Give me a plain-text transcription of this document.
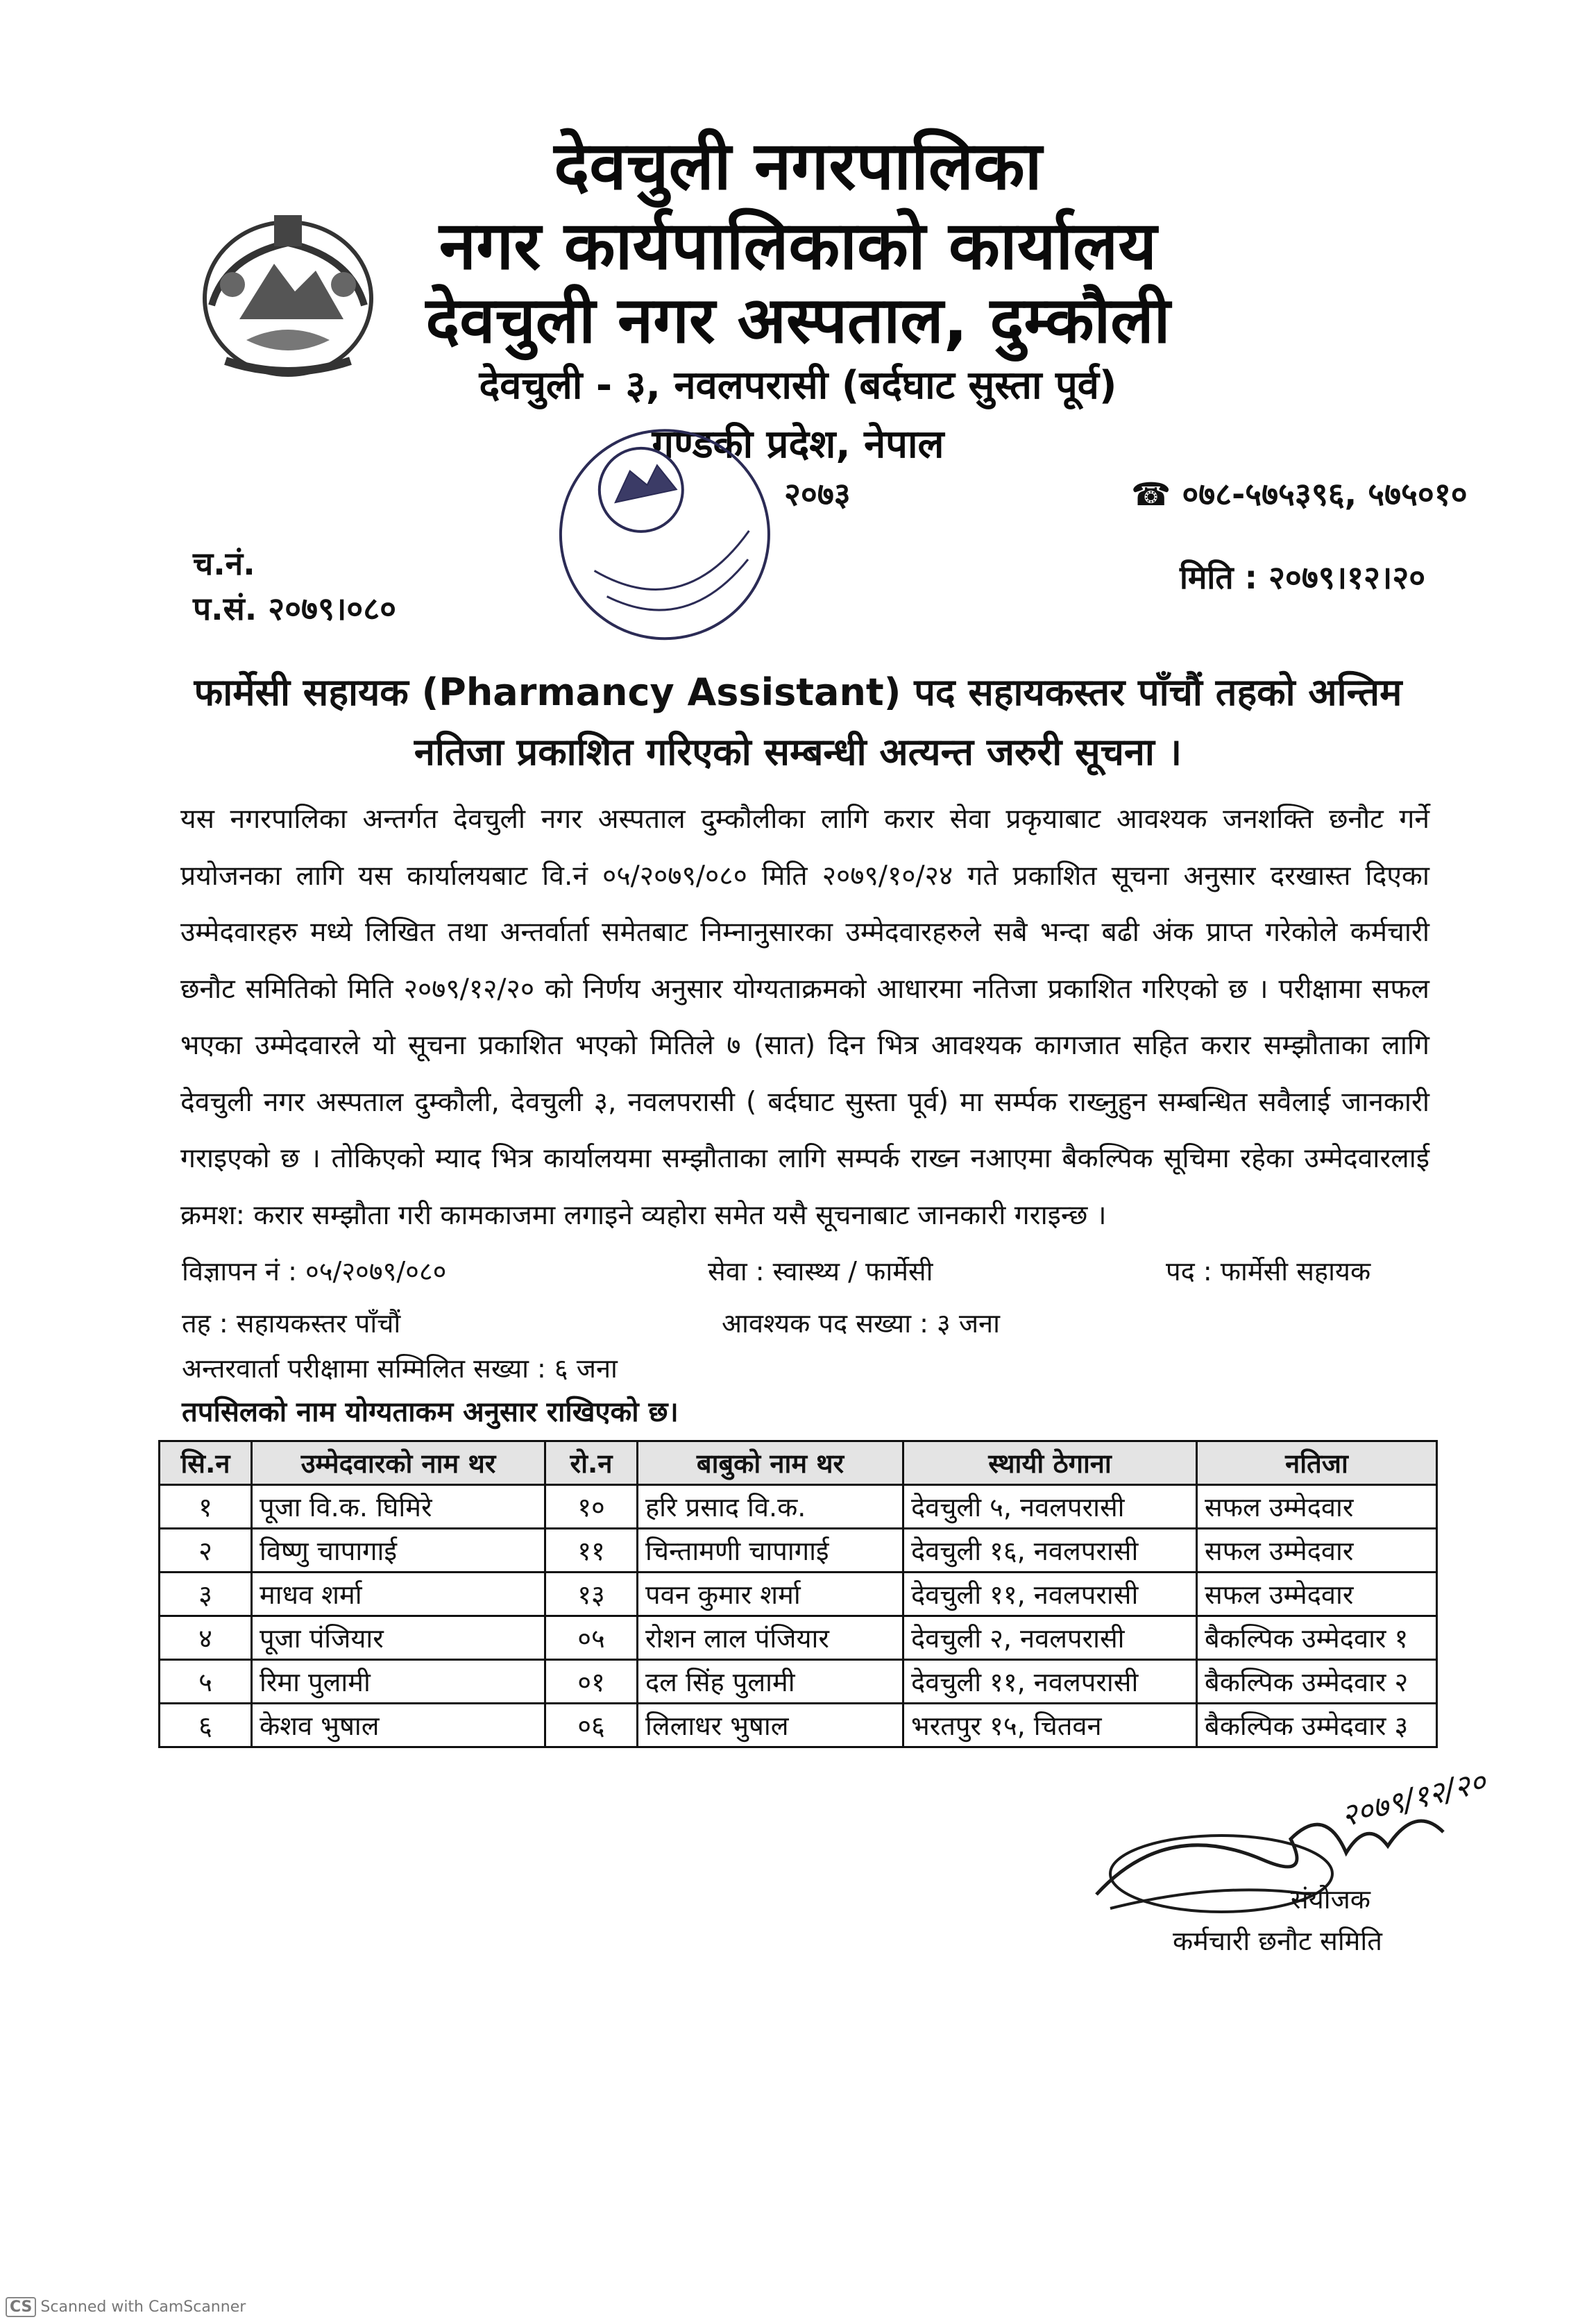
देवचुली नगरपालिका
नगर कार्यपालिकाको कार्यालय
देवचुली नगर अस्पताल, दुम्कौली
देवचुली - ३, नवलपरासी (बर्दघाट सुस्ता पूर्व)
गण्डकी प्रदेश, नेपाल
२०७३	☎ ०७८-५७५३९६, ५७५०१०
च.नं.
प.सं. २०७९।०८०
मिति : २०७९।१२।२०
फार्मेसी सहायक (Pharmancy Assistant) पद सहायकस्तर पाँचौं तहको अन्तिम
नतिजा प्रकाशित गरिएको सम्बन्धी अत्यन्त जरुरी सूचना ।
यस नगरपालिका अन्तर्गत देवचुली नगर अस्पताल दुम्कौलीका लागि करार सेवा प्रकृयाबाट आवश्यक जनशक्ति छनौट गर्ने प्रयोजनका लागि यस कार्यालयबाट वि.नं ०५/२०७९/०८० मिति २०७९/१०/२४ गते प्रकाशित सूचना अनुसार दरखास्त दिएका उम्मेदवारहरु मध्ये लिखित तथा अन्तर्वार्ता समेतबाट निम्नानुसारका उम्मेदवारहरुले सबै भन्दा बढी अंक प्राप्त गरेकोले कर्मचारी छनौट समितिको मिति २०७९/१२/२० को निर्णय अनुसार योग्यताक्रमको आधारमा नतिजा प्रकाशित गरिएको छ । परीक्षामा सफल भएका उम्मेदवारले यो सूचना प्रकाशित भएको मितिले ७ (सात) दिन भित्र आवश्यक कागजात सहित करार सम्झौताका लागि देवचुली नगर अस्पताल दुम्कौली, देवचुली ३, नवलपरासी ( बर्दघाट सुस्ता पूर्व) मा सर्म्पक राख्नुहुन सम्बन्धित सवैलाई जानकारी गराइएको छ । तोकिएको म्याद भित्र कार्यालयमा सम्झौताका लागि सम्पर्क राख्न नआएमा बैकल्पिक सूचिमा रहेका उम्मेदवारलाई क्रमश: करार सम्झौता गरी कामकाजमा लगाइने व्यहोरा समेत यसै सूचनाबाट जानकारी गराइन्छ ।
विज्ञापन नं : ०५/२०७९/०८०	सेवा : स्वास्थ्य / फार्मेसी	पद : फार्मेसी सहायक
तह : सहायकस्तर पाँचौं	आवश्यक पद सख्या : ३ जना
अन्तरवार्ता परीक्षामा सम्मिलित सख्या : ६ जना
तपसिलको नाम योग्यताकम अनुसार राखिएको छ।
सि.न	उम्मेदवारको नाम थर	रो.न	बाबुको नाम थर	स्थायी ठेगाना	नतिजा
१	पूजा वि.क. घिमिरे	१०	हरि प्रसाद वि.क.	देवचुली ५, नवलपरासी	सफल उम्मेदवार
२	विष्णु चापागाई	११	चिन्तामणी चापागाई	देवचुली १६, नवलपरासी	सफल उम्मेदवार
३	माधव शर्मा	१३	पवन कुमार शर्मा	देवचुली ११, नवलपरासी	सफल उम्मेदवार
४	पूजा पंजियार	०५	रोशन लाल पंजियार	देवचुली २, नवलपरासी	बैकल्पिक उम्मेदवार १
५	रिमा पुलामी	०१	दल सिंह पुलामी	देवचुली ११, नवलपरासी	बैकल्पिक उम्मेदवार २
६	केशव भुषाल	०६	लिलाधर भुषाल	भरतपुर १५, चितवन	बैकल्पिक उम्मेदवार ३
२०७९/१२/२०
संयोजक
कर्मचारी छनौट समिति
CS Scanned with CamScanner
